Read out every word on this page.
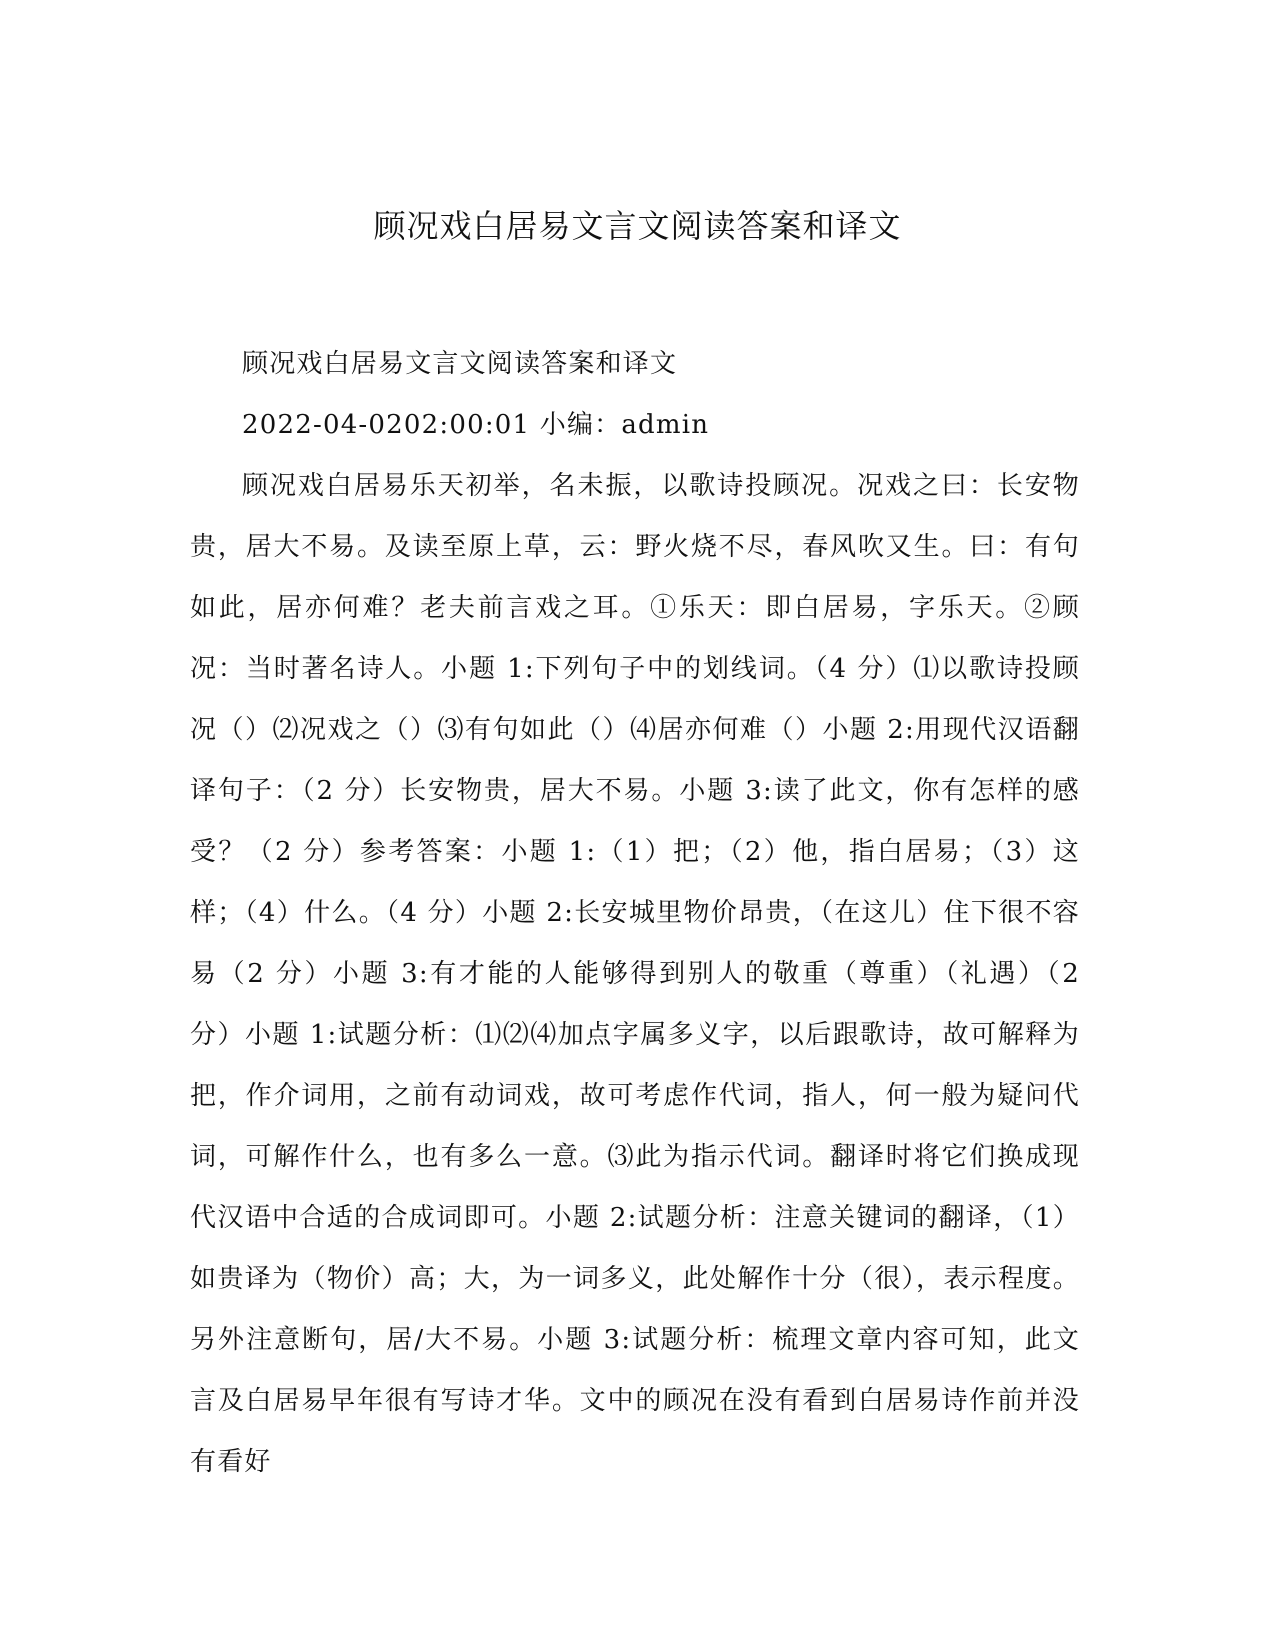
顾况戏白居易文言文阅读答案和译文

顾况戏白居易文言文阅读答案和译文

2022-04-0202:00:01 小编：admin

顾况戏白居易乐天初举，名未振，以歌诗投顾况。况戏之曰：长安物贵，居大不易。及读至原上草，云：野火烧不尽，春风吹又生。曰：有句如此，居亦何难？老夫前言戏之耳。①乐天：即白居易，字乐天。②顾况：当时著名诗人。小题 1:下列句子中的划线词。（4 分）⑴以歌诗投顾况（）⑵况戏之（）⑶有句如此（）⑷居亦何难（）小题 2:用现代汉语翻译句子：（2 分）长安物贵，居大不易。小题 3:读了此文，你有怎样的感受？（2 分）参考答案：小题 1:（1）把；（2）他，指白居易；（3）这样；（4）什么。（4 分）小题 2:长安城里物价昂贵，（在这儿）住下很不容易（2 分）小题 3:有才能的人能够得到别人的敬重（尊重）（礼遇）（2 分）小题 1:试题分析：⑴⑵⑷加点字属多义字，以后跟歌诗，故可解释为把，作介词用，之前有动词戏，故可考虑作代词，指人，何一般为疑问代词，可解作什么，也有多么一意。⑶此为指示代词。翻译时将它们换成现代汉语中合适的合成词即可。小题 2:试题分析：注意关键词的翻译，（1）如贵译为（物价）高；大，为一词多义，此处解作十分（很），表示程度。另外注意断句，居/大不易。小题 3:试题分析：梳理文章内容可知，此文言及白居易早年很有写诗才华。文中的顾况在没有看到白居易诗作前并没有看好
